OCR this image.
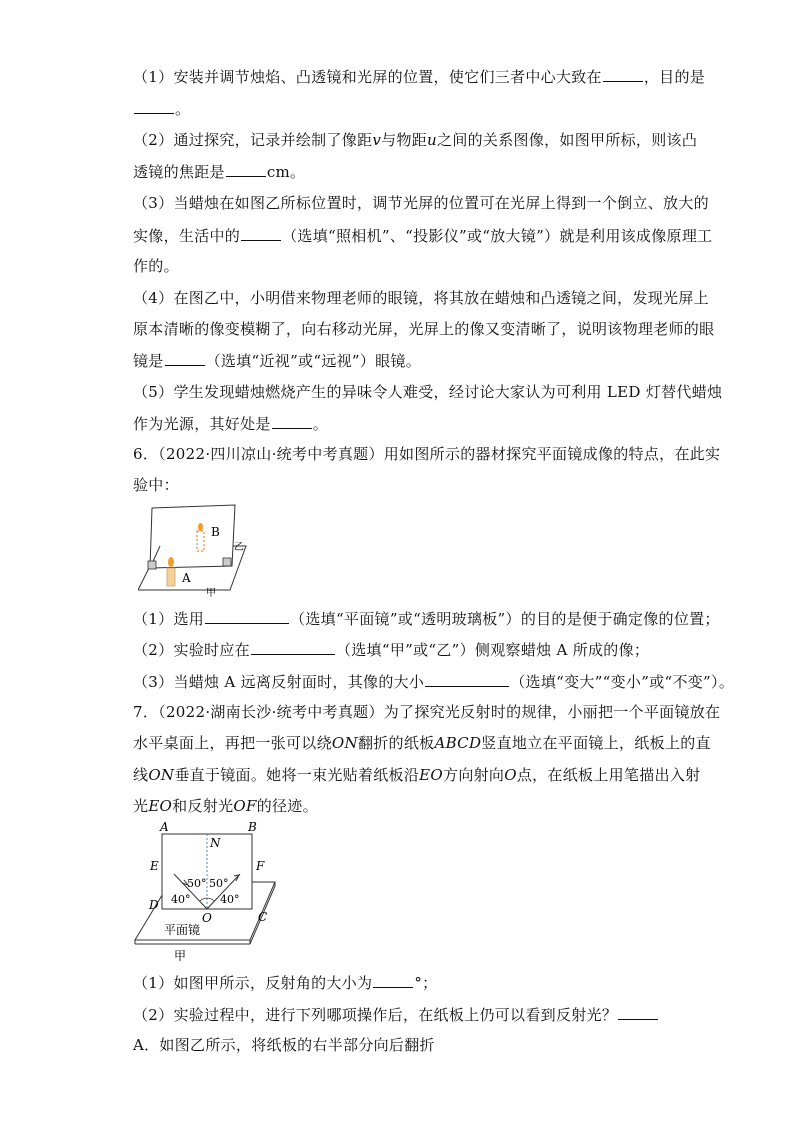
（1）安装并调节烛焰、凸透镜和光屏的位置，使它们三者中心大致在	，目的是
。
（2）通过探究，记录并绘制了像距v与物距u之间的关系图像，如图甲所标，则该凸
透镜的焦距是	cm。
（3）当蜡烛在如图乙所标位置时，调节光屏的位置可在光屏上得到一个倒立、放大的
实像，生活中的	（选填“照相机”、“投影仪”或“放大镜”）就是利用该成像原理工
作的。
（4）在图乙中，小明借来物理老师的眼镜，将其放在蜡烛和凸透镜之间，发现光屏上
原本清晰的像变模糊了，向右移动光屏，光屏上的像又变清晰了，说明该物理老师的眼
镜是	（选填“近视”或“远视”）眼镜。
（5）学生发现蜡烛燃烧产生的异味令人难受，经讨论大家认为可利用 LED 灯替代蜡烛
作为光源，其好处是	。
6．（2022·四川凉山·统考中考真题）用如图所示的器材探究平面镜成像的特点，在此实
验中：
B
A
乙
甲
（1）选用	（选填“平面镜”或“透明玻璃板”）的目的是便于确定像的位置；
（2）实验时应在	（选填“甲”或“乙”）侧观察蜡烛 A 所成的像；
（3）当蜡烛 A 远离反射面时，其像的大小	（选填“变大”“变小”或“不变”）。
7．（2022·湖南长沙·统考中考真题）为了探究光反射时的规律，小丽把一个平面镜放在
水平桌面上，再把一张可以绕ON翻折的纸板ABCD竖直地立在平面镜上，纸板上的直
线ON垂直于镜面。她将一束光贴着纸板沿EO方向射向O点，在纸板上用笔描出入射
光EO和反射光OF的径迹。
A	B
N
E	F
D
C
O
50° 50°
40°	40°
平面镜
甲
（1）如图甲所示，反射角的大小为	°；
（2）实验过程中，进行下列哪项操作后，在纸板上仍可以看到反射光？
A．如图乙所示，将纸板的右半部分向后翻折
